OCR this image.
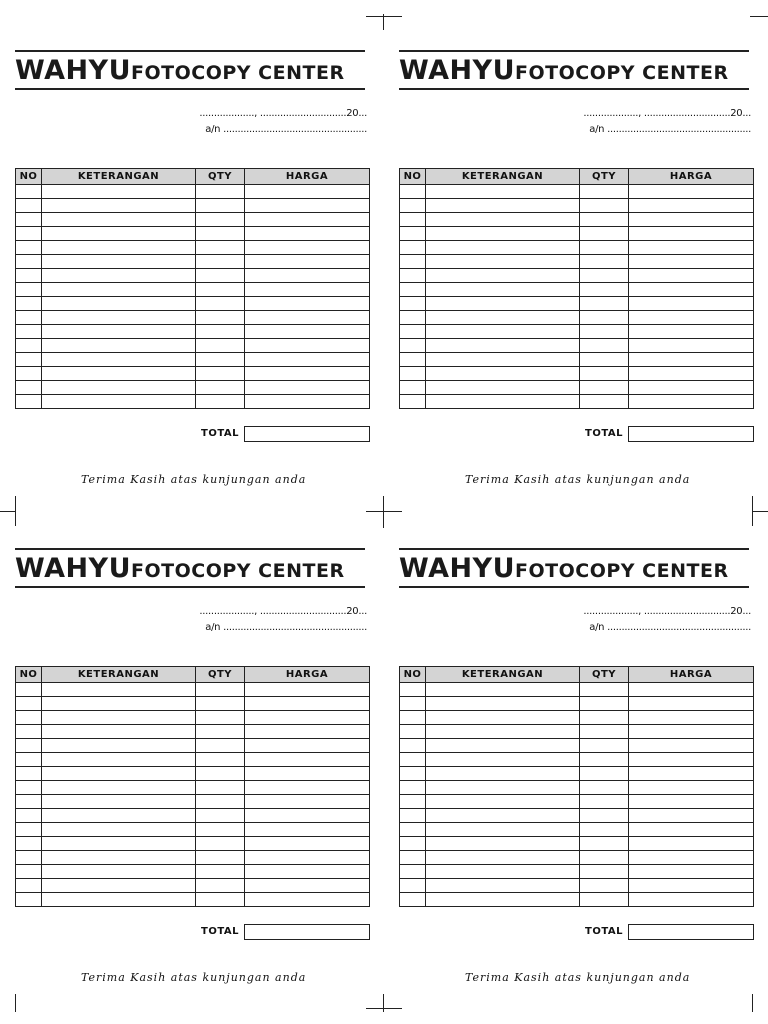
WAHYUFOTOCOPY CENTER
..................., ..............................20...
a/n ..................................................
NO	KETERANGAN	QTY	HARGA

TOTAL
Terima Kasih atas kunjungan anda
WAHYUFOTOCOPY CENTER
..................., ..............................20...
a/n ..................................................
NO	KETERANGAN	QTY	HARGA

TOTAL
Terima Kasih atas kunjungan anda
WAHYUFOTOCOPY CENTER
..................., ..............................20...
a/n ..................................................
NO	KETERANGAN	QTY	HARGA

TOTAL
Terima Kasih atas kunjungan anda
WAHYUFOTOCOPY CENTER
..................., ..............................20...
a/n ..................................................
NO	KETERANGAN	QTY	HARGA

TOTAL
Terima Kasih atas kunjungan anda
